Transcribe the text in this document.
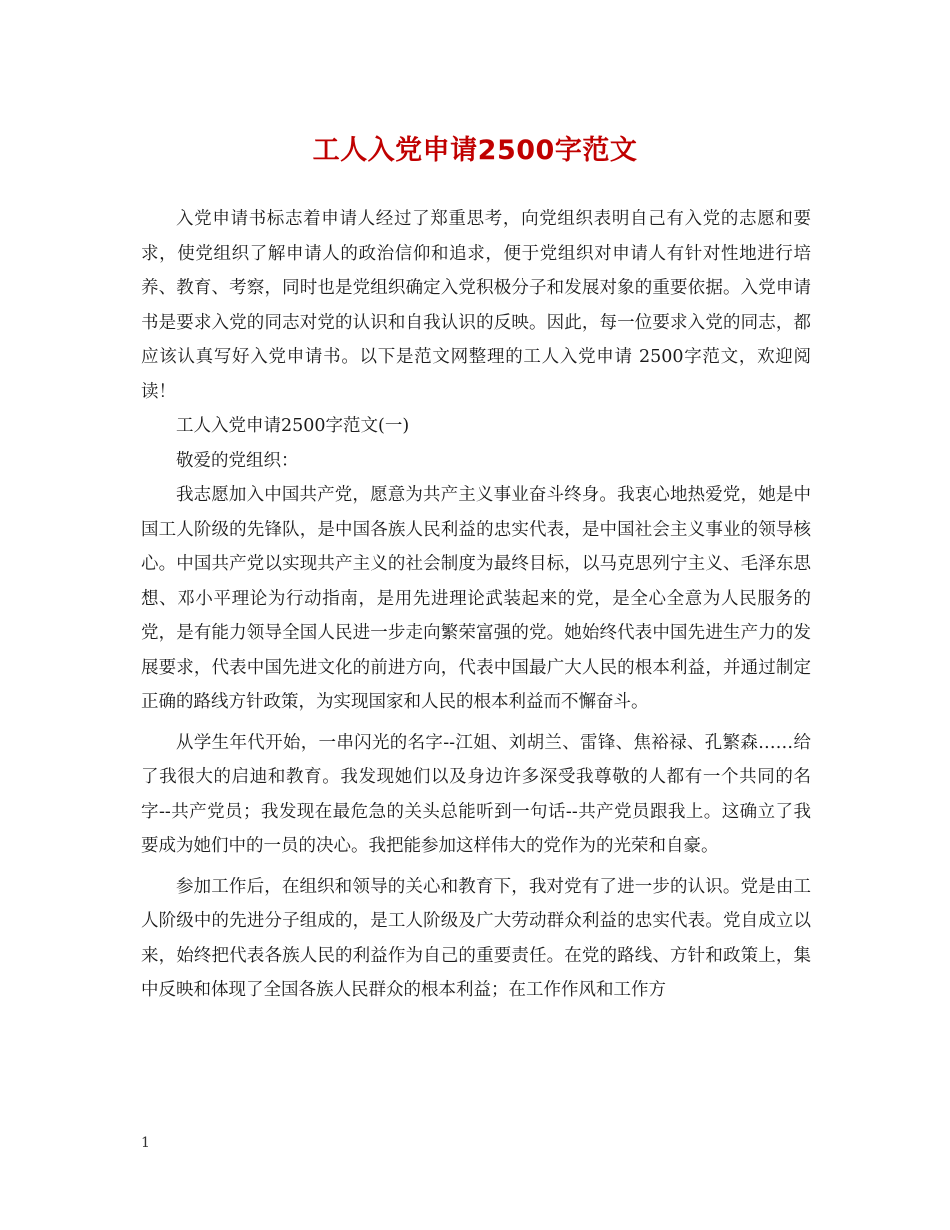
工人入党申请2500字范文

入党申请书标志着申请人经过了郑重思考，向党组织表明自己有入党的志愿和要求，使党组织了解申请人的政治信仰和追求，便于党组织对申请人有针对性地进行培养、教育、考察，同时也是党组织确定入党积极分子和发展对象的重要依据。入党申请书是要求入党的同志对党的认识和自我认识的反映。因此，每一位要求入党的同志，都应该认真写好入党申请书。以下是范文网整理的工人入党申请 2500字范文，欢迎阅读！

工人入党申请2500字范文(一)

敬爱的党组织：

我志愿加入中国共产党，愿意为共产主义事业奋斗终身。我衷心地热爱党，她是中国工人阶级的先锋队，是中国各族人民利益的忠实代表，是中国社会主义事业的领导核心。中国共产党以实现共产主义的社会制度为最终目标，以马克思列宁主义、毛泽东思想、邓小平理论为行动指南，是用先进理论武装起来的党，是全心全意为人民服务的党，是有能力领导全国人民进一步走向繁荣富强的党。她始终代表中国先进生产力的发展要求，代表中国先进文化的前进方向，代表中国最广大人民的根本利益，并通过制定正确的路线方针政策，为实现国家和人民的根本利益而不懈奋斗。

从学生年代开始，一串闪光的名字--江姐、刘胡兰、雷锋、焦裕禄、孔繁森……给了我很大的启迪和教育。我发现她们以及身边许多深受我尊敬的人都有一个共同的名字--共产党员；我发现在最危急的关头总能听到一句话--共产党员跟我上。这确立了我要成为她们中的一员的决心。我把能参加这样伟大的党作为的光荣和自豪。

参加工作后，在组织和领导的关心和教育下，我对党有了进一步的认识。党是由工人阶级中的先进分子组成的，是工人阶级及广大劳动群众利益的忠实代表。党自成立以来，始终把代表各族人民的利益作为自己的重要责任。在党的路线、方针和政策上，集中反映和体现了全国各族人民群众的根本利益；在工作作风和工作方

1
